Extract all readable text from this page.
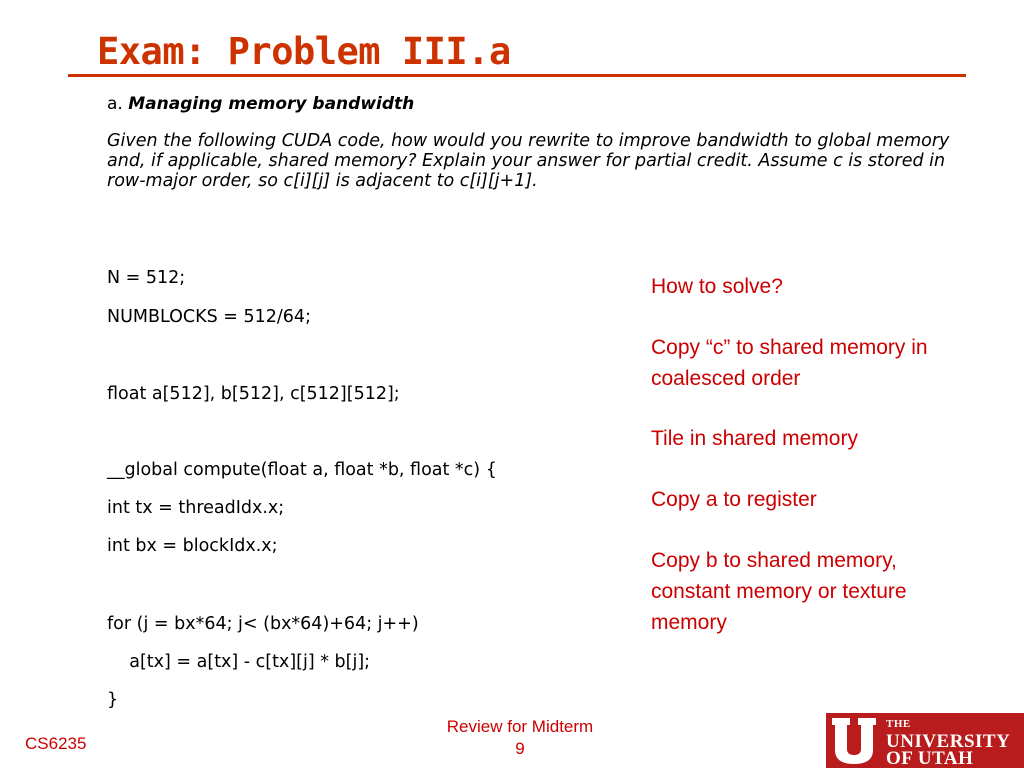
Exam: Problem III.a
a. Managing memory bandwidth
Given the following CUDA code, how would you rewrite to improve bandwidth to global memory and, if applicable, shared memory? Explain your answer for partial credit. Assume c is stored in row-major order, so c[i][j] is adjacent to c[i][j+1].
N = 512;
NUMBLOCKS = 512/64;
float a[512], b[512], c[512][512];
__global compute(float a, float *b, float *c) {
int tx = threadIdx.x;
int bx = blockIdx.x;
for (j = bx*64; j< (bx*64)+64; j++)
a[tx] = a[tx] - c[tx][j] * b[j];
}
How to solve?
Copy “c” to shared memory in coalesced order
Tile in shared memory
Copy a to register
Copy b to shared memory, constant memory or texture memory
CS6235
Review for Midterm
9
THE
UNIVERSITY
OF UTAH
